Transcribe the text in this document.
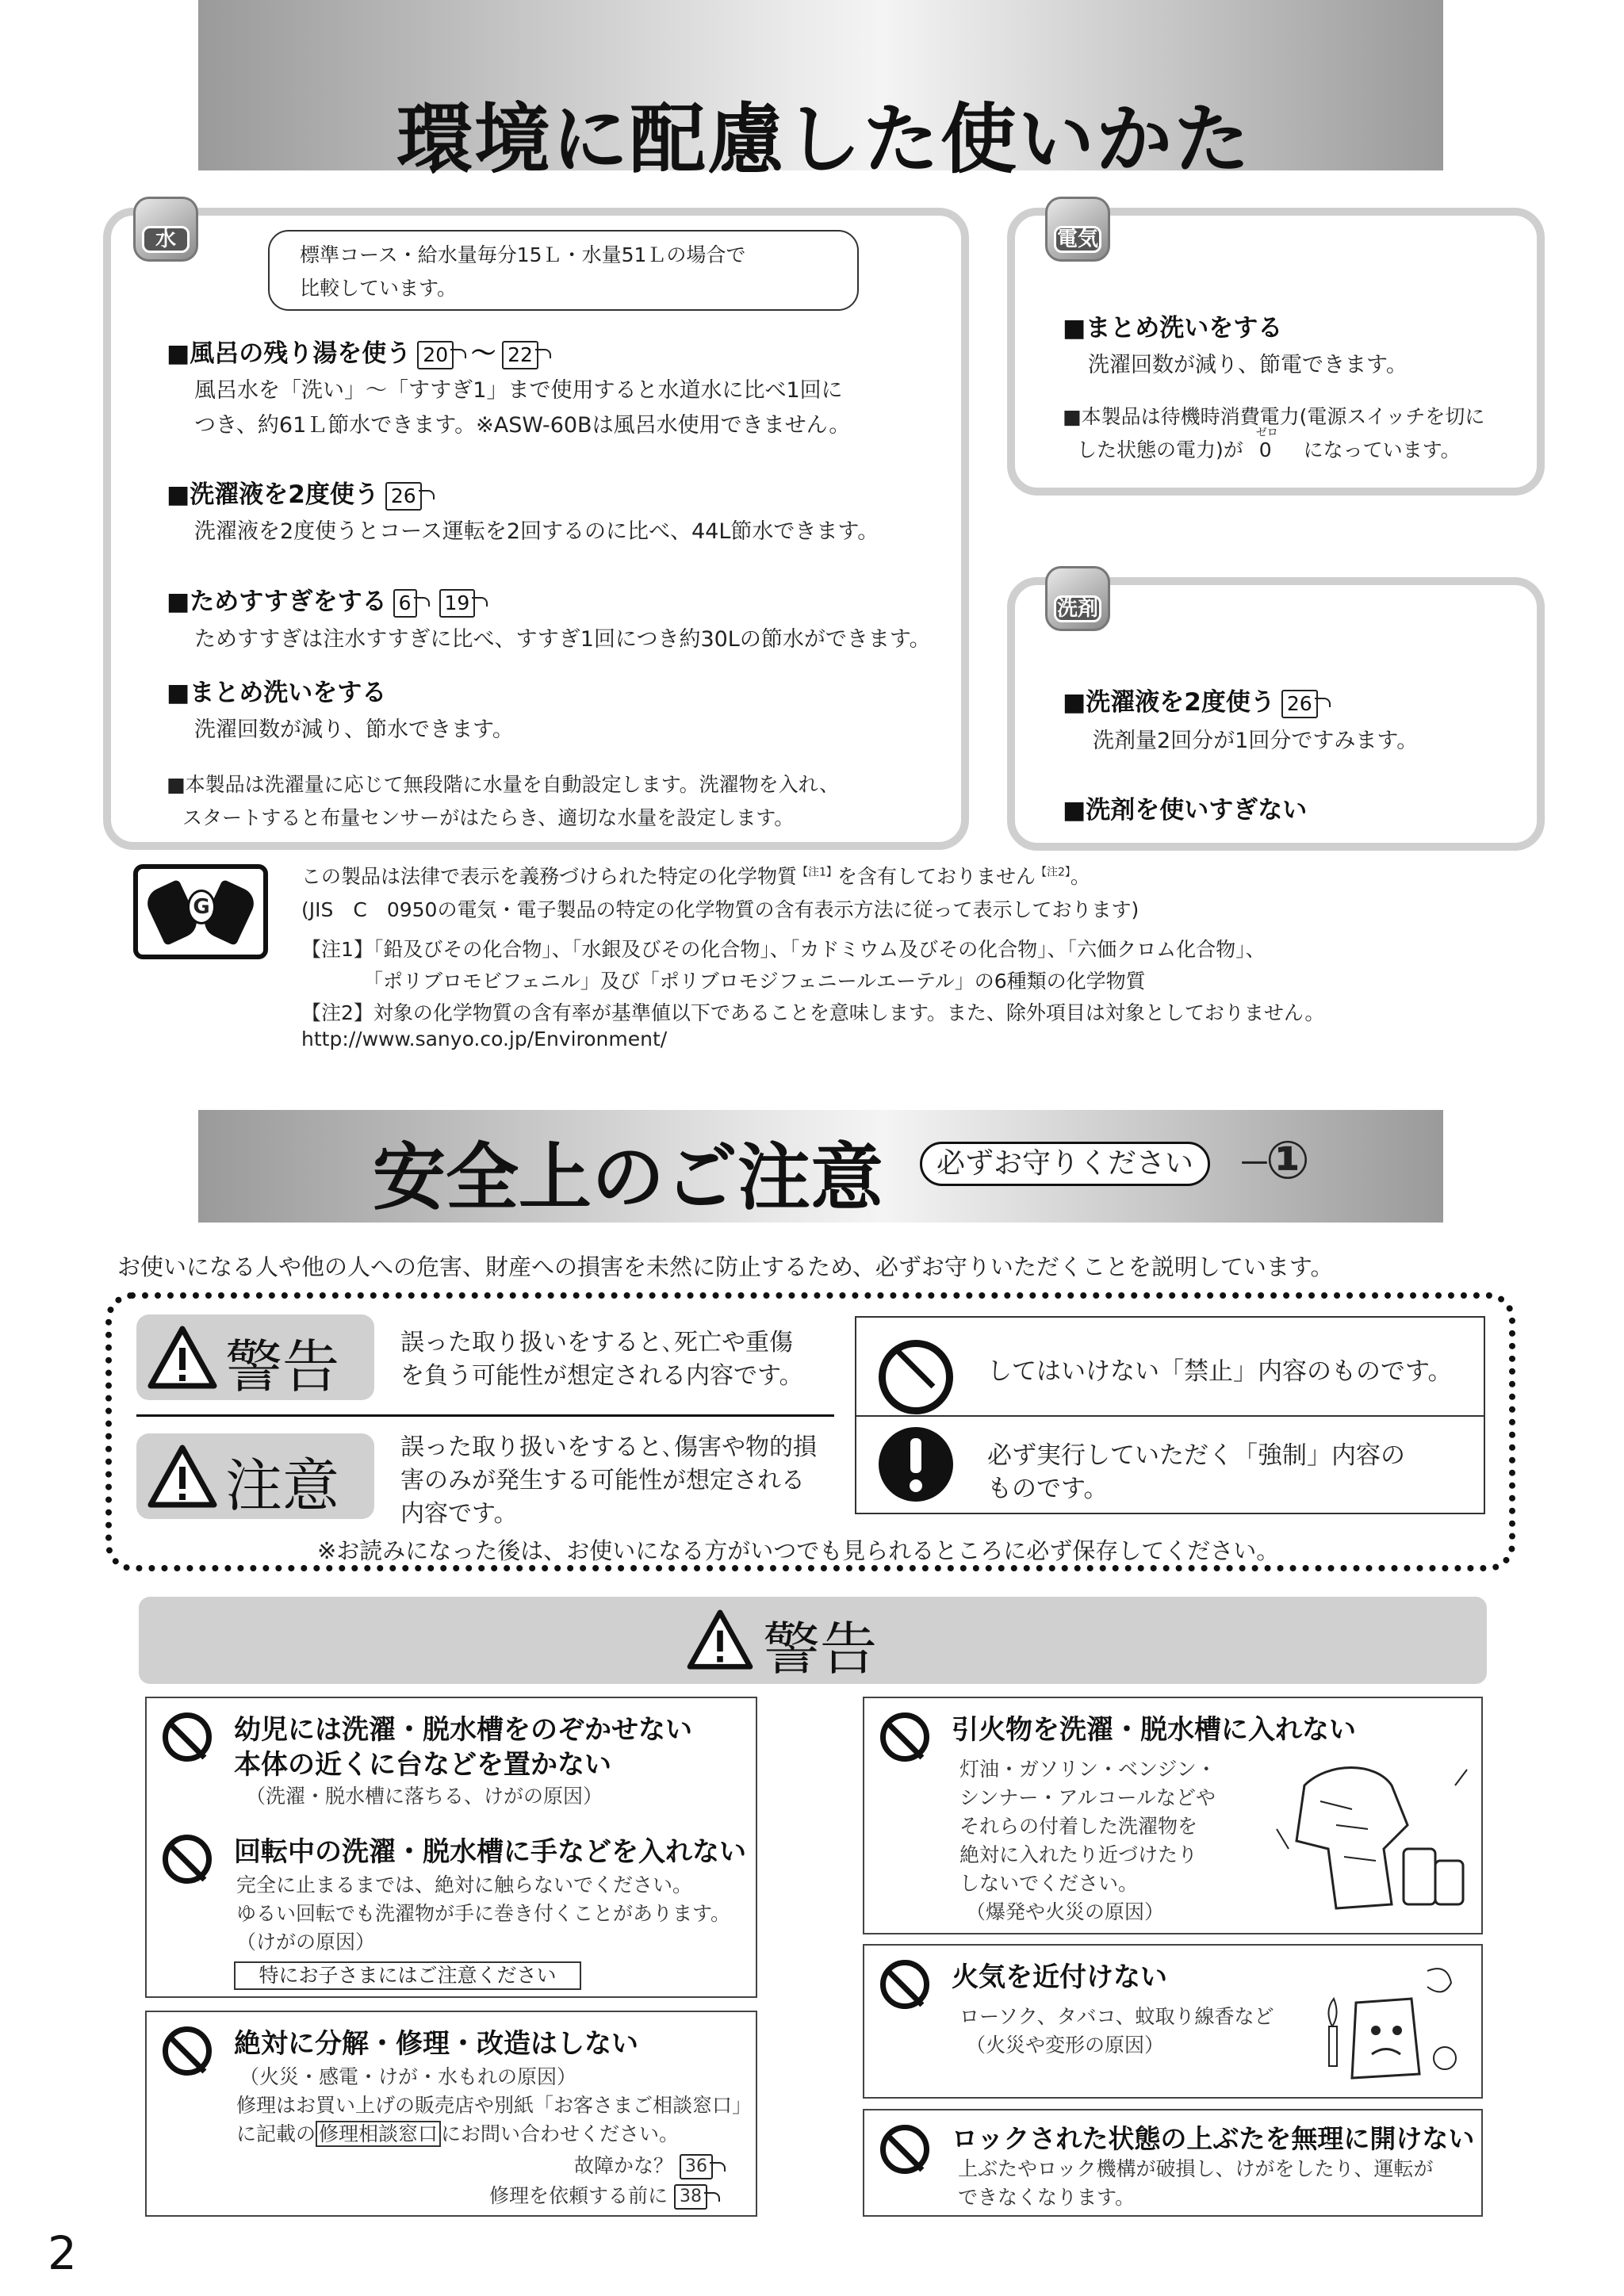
環境に配慮した使いかた
水
標準コース・給水量毎分15Ｌ・水量51Ｌの場合で
比較しています。
■風呂の残り湯を使う 20 ～ 22
風呂水を「洗い」～「すすぎ1」まで使用すると水道水に比べ1回に
つき、約61Ｌ節水できます。※ASW-60Bは風呂水使用できません。
■洗濯液を2度使う 26
洗濯液を2度使うとコース運転を2回するのに比べ、44L節水できます。
■ためすすぎをする 6 19
ためすすぎは注水すすぎに比べ、すすぎ1回につき約30Lの節水ができます。
■まとめ洗いをする
洗濯回数が減り、節水できます。
■本製品は洗濯量に応じて無段階に水量を自動設定します。洗濯物を入れ、
スタートすると布量センサーがはたらき、適切な水量を設定します。
電気
■まとめ洗いをする
洗濯回数が減り、節電できます。
■本製品は待機時消費電力(電源スイッチを切に
した状態の電力)が
ゼロ
0 になっています。
洗剤
■洗濯液を2度使う 26
洗剤量2回分が1回分ですみます。
■洗剤を使いすぎない
G
この製品は法律で表示を義務づけられた特定の化学物質$^{【注1】}$を含有しておりません$^{【注2】}$。
(JIS　C　0950の電気・電子製品の特定の化学物質の含有表示方法に従って表示しております)
【注1】「鉛及びその化合物」、「水銀及びその化合物」、「カドミウム及びその化合物」、「六価クロム化合物」、
「ポリブロモビフェニル」及び「ポリブロモジフェニールエーテル」の6種類の化学物質
【注2】対象の化学物質の含有率が基準値以下であることを意味します。また、除外項目は対象としておりません。
http://www.sanyo.co.jp/Environment/
安全上のご注意	必ずお守りください	－
①
お使いになる人や他の人への危害、財産への損害を未然に防止するため、必ずお守りいただくことを説明しています。
警告	誤った取り扱いをすると､死亡や重傷
を負う可能性が想定される内容です。
注意
誤った取り扱いをすると､傷害や物的損
害のみが発生する可能性が想定される
内容です。
してはいけない「禁止」内容のものです。
必ず実行していただく「強制」内容の
ものです。
※お読みになった後は、お使いになる方がいつでも見られるところに必ず保存してください。
警告
幼児には洗濯・脱水槽をのぞかせない
本体の近くに台などを置かない
（洗濯・脱水槽に落ちる、けがの原因）
回転中の洗濯・脱水槽に手などを入れない
完全に止まるまでは、絶対に触らないでください。
ゆるい回転でも洗濯物が手に巻き付くことがあります。
（けがの原因）
特にお子さまにはご注意ください
絶対に分解・修理・改造はしない
（火災・感電・けが・水もれの原因）
修理はお買い上げの販売店や別紙「お客さまご相談窓口」
に記載の 修理相談窓口 にお問い合わせください。
故障かな？ 36
修理を依頼する前に 38
引火物を洗濯・脱水槽に入れない
灯油・ガソリン・ベンジン・
シンナー・アルコールなどや
それらの付着した洗濯物を
絶対に入れたり近づけたり
しないでください。
（爆発や火災の原因）
火気を近付けない
ローソク、タバコ、蚊取り線香など
（火災や変形の原因）
ロックされた状態の上ぶたを無理に開けない
上ぶたやロック機構が破損し、けがをしたり、運転が
できなくなります。
2
